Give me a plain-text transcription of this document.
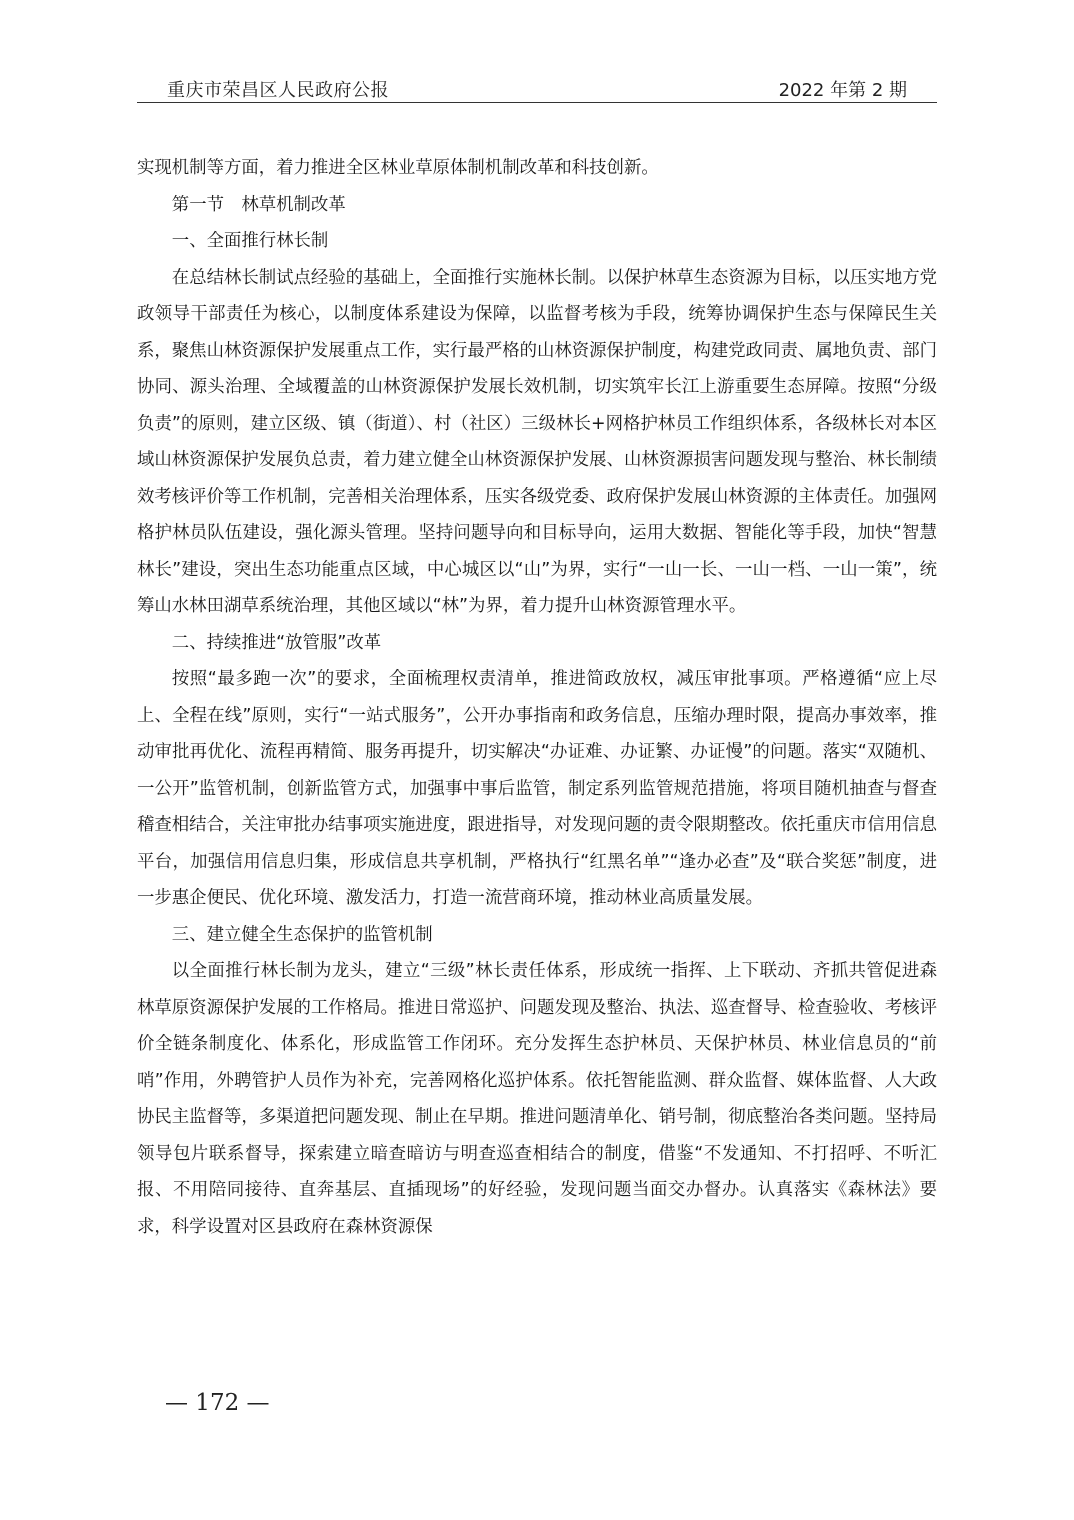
重庆市荣昌区人民政府公报	2022 年第 2 期

实现机制等方面，着力推进全区林业草原体制机制改革和科技创新。

第一节　林草机制改革

一、全面推行林长制

在总结林长制试点经验的基础上，全面推行实施林长制。以保护林草生态资源为目标，以压实地方党政领导干部责任为核心，以制度体系建设为保障，以监督考核为手段，统筹协调保护生态与保障民生关系，聚焦山林资源保护发展重点工作，实行最严格的山林资源保护制度，构建党政同责、属地负责、部门协同、源头治理、全域覆盖的山林资源保护发展长效机制，切实筑牢长江上游重要生态屏障。按照“分级负责”的原则，建立区级、镇（街道）、村（社区）三级林长+网格护林员工作组织体系，各级林长对本区域山林资源保护发展负总责，着力建立健全山林资源保护发展、山林资源损害问题发现与整治、林长制绩效考核评价等工作机制，完善相关治理体系，压实各级党委、政府保护发展山林资源的主体责任。加强网格护林员队伍建设，强化源头管理。坚持问题导向和目标导向，运用大数据、智能化等手段，加快“智慧林长”建设，突出生态功能重点区域，中心城区以“山”为界，实行“一山一长、一山一档、一山一策”，统筹山水林田湖草系统治理，其他区域以“林”为界，着力提升山林资源管理水平。

二、持续推进“放管服”改革

按照“最多跑一次”的要求，全面梳理权责清单，推进简政放权，减压审批事项。严格遵循“应上尽上、全程在线”原则，实行“一站式服务”，公开办事指南和政务信息，压缩办理时限，提高办事效率，推动审批再优化、流程再精简、服务再提升，切实解决“办证难、办证繁、办证慢”的问题。落实“双随机、一公开”监管机制，创新监管方式，加强事中事后监管，制定系列监管规范措施，将项目随机抽查与督查稽查相结合，关注审批办结事项实施进度，跟进指导，对发现问题的责令限期整改。依托重庆市信用信息平台，加强信用信息归集，形成信息共享机制，严格执行“红黑名单”“逢办必查”及“联合奖惩”制度，进一步惠企便民、优化环境、激发活力，打造一流营商环境，推动林业高质量发展。

三、建立健全生态保护的监管机制

以全面推行林长制为龙头，建立“三级”林长责任体系，形成统一指挥、上下联动、齐抓共管促进森林草原资源保护发展的工作格局。推进日常巡护、问题发现及整治、执法、巡查督导、检查验收、考核评价全链条制度化、体系化，形成监管工作闭环。充分发挥生态护林员、天保护林员、林业信息员的“前哨”作用，外聘管护人员作为补充，完善网格化巡护体系。依托智能监测、群众监督、媒体监督、人大政协民主监督等，多渠道把问题发现、制止在早期。推进问题清单化、销号制，彻底整治各类问题。坚持局领导包片联系督导，探索建立暗查暗访与明查巡查相结合的制度，借鉴“不发通知、不打招呼、不听汇报、不用陪同接待、直奔基层、直插现场”的好经验，发现问题当面交办督办。认真落实《森林法》要求，科学设置对区县政府在森林资源保

— 172 —
